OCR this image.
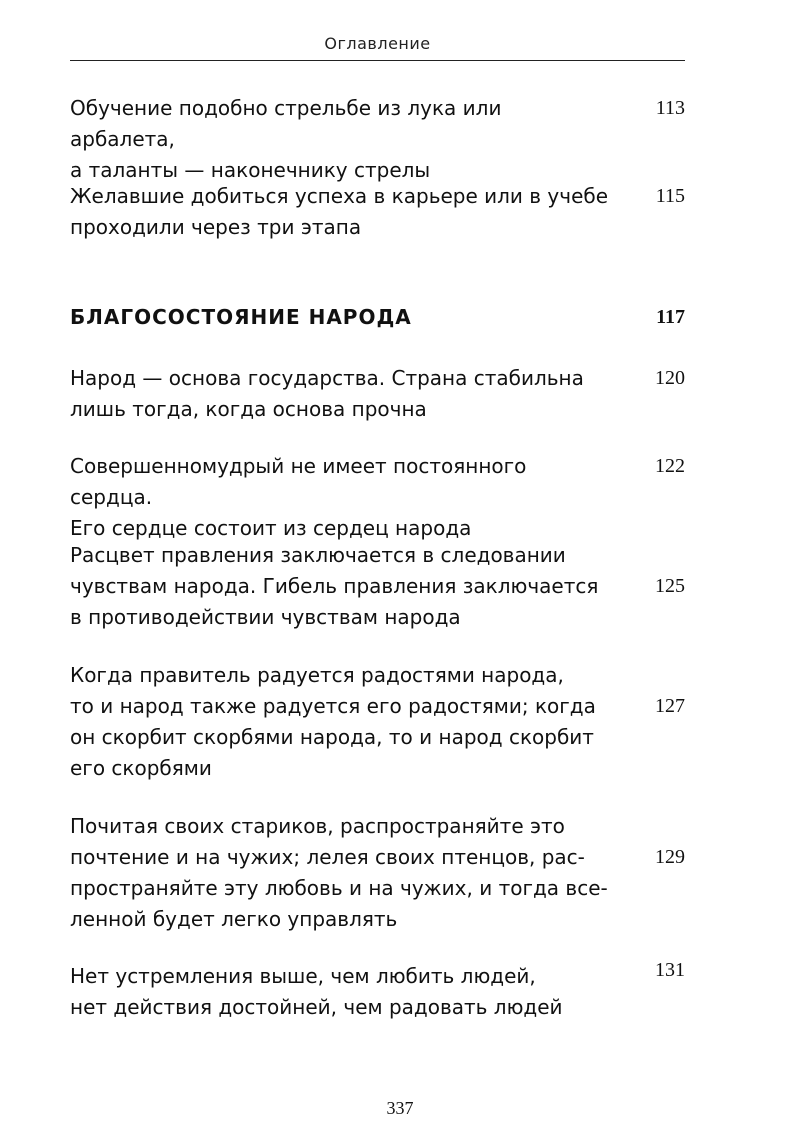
Оглавление
Обучение подобно стрельбе из лука или арбалета,
а таланты — наконечнику стрелы
113
Желавшие добиться успеха в карьере или в учебе
проходили через три этапа
115
БЛАГОСОСТОЯНИЕ НАРОДА	117
Народ — основа государства. Страна стабильна
лишь тогда, когда основа прочна
120
Совершенномудрый не имеет постоянного сердца.
Его сердце состоит из сердец народа
122
Расцвет правления заключается в следовании
чувствам народа. Гибель правления заключается
в противодействии чувствам народа
125
Когда правитель радуется радостями народа,
то и народ также радуется его радостями; когда
он скорбит скорбями народа, то и народ скорбит
его скорбями
127
Почитая своих стариков, распространяйте это
почтение и на чужих; лелея своих птенцов, рас-
пространяйте эту любовь и на чужих, и тогда все-
ленной будет легко управлять
129
Нет устремления выше, чем любить людей,
нет действия достойней, чем радовать людей
131
337
